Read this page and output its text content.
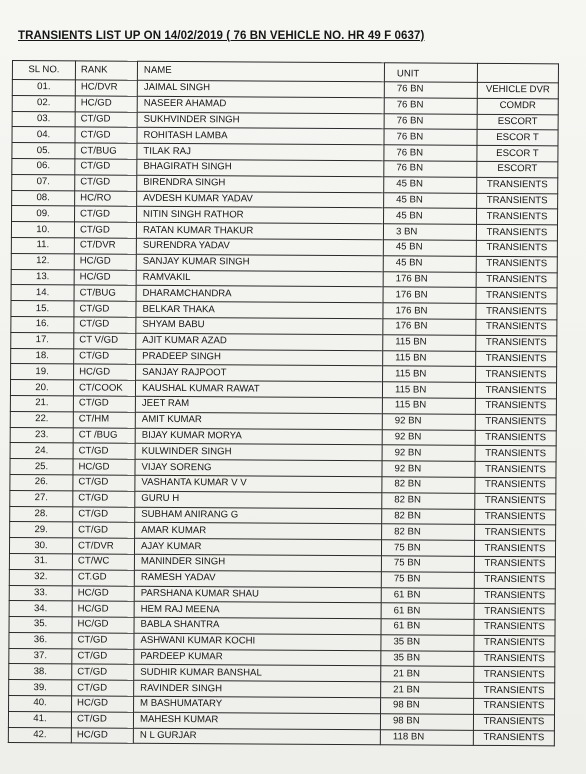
TRANSIENTS LIST UP ON 14/02/2019 ( 76 BN VEHICLE NO. HR 49 F 0637)
SL NO.	RANK	NAME	UNIT	
01.	HC/DVR	JAIMAL SINGH	76 BN	VEHICLE DVR
02.	HC/GD	NASEER AHAMAD	76 BN	COMDR
03.	CT/GD	SUKHVINDER SINGH	76 BN	ESCORT
04.	CT/GD	ROHITASH LAMBA	76 BN	ESCOR T
05.	CT/BUG	TILAK RAJ	76 BN	ESCOR T
06.	CT/GD	BHAGIRATH SINGH	76 BN	ESCORT
07.	CT/GD	BIRENDRA SINGH	45 BN	TRANSIENTS
08.	HC/RO	AVDESH KUMAR YADAV	45 BN	TRANSIENTS
09.	CT/GD	NITIN SINGH RATHOR	45 BN	TRANSIENTS
10.	CT/GD	RATAN KUMAR THAKUR	3 BN	TRANSIENTS
11.	CT/DVR	SURENDRA YADAV	45 BN	TRANSIENTS
12.	HC/GD	SANJAY KUMAR SINGH	45 BN	TRANSIENTS
13.	HC/GD	RAMVAKIL	176 BN	TRANSIENTS
14.	CT/BUG	DHARAMCHANDRA	176 BN	TRANSIENTS
15.	CT/GD	BELKAR THAKA	176 BN	TRANSIENTS
16.	CT/GD	SHYAM BABU	176 BN	TRANSIENTS
17.	CT V/GD	AJIT KUMAR AZAD	115 BN	TRANSIENTS
18.	CT/GD	PRADEEP SINGH	115 BN	TRANSIENTS
19.	HC/GD	SANJAY RAJPOOT	115 BN	TRANSIENTS
20.	CT/COOK	KAUSHAL KUMAR RAWAT	115 BN	TRANSIENTS
21.	CT/GD	JEET RAM	115 BN	TRANSIENTS
22.	CT/HM	AMIT KUMAR	92 BN	TRANSIENTS
23.	CT /BUG	BIJAY KUMAR MORYA	92 BN	TRANSIENTS
24.	CT/GD	KULWINDER SINGH	92 BN	TRANSIENTS
25.	HC/GD	VIJAY SORENG	92 BN	TRANSIENTS
26.	CT/GD	VASHANTA KUMAR V V	82 BN	TRANSIENTS
27.	CT/GD	GURU H	82 BN	TRANSIENTS
28.	CT/GD	SUBHAM ANIRANG G	82 BN	TRANSIENTS
29.	CT/GD	AMAR KUMAR	82 BN	TRANSIENTS
30.	CT/DVR	AJAY KUMAR	75 BN	TRANSIENTS
31.	CT/WC	MANINDER SINGH	75 BN	TRANSIENTS
32.	CT.GD	RAMESH YADAV	75 BN	TRANSIENTS
33.	HC/GD	PARSHANA KUMAR SHAU	61 BN	TRANSIENTS
34.	HC/GD	HEM RAJ MEENA	61 BN	TRANSIENTS
35.	HC/GD	BABLA SHANTRA	61 BN	TRANSIENTS
36.	CT/GD	ASHWANI KUMAR KOCHI	35 BN	TRANSIENTS
37.	CT/GD	PARDEEP KUMAR	35 BN	TRANSIENTS
38.	CT/GD	SUDHIR KUMAR BANSHAL	21 BN	TRANSIENTS
39.	CT/GD	RAVINDER SINGH	21 BN	TRANSIENTS
40.	HC/GD	M BASHUMATARY	98 BN	TRANSIENTS
41.	CT/GD	MAHESH KUMAR	98 BN	TRANSIENTS
42.	HC/GD	N L GURJAR	118 BN	TRANSIENTS
